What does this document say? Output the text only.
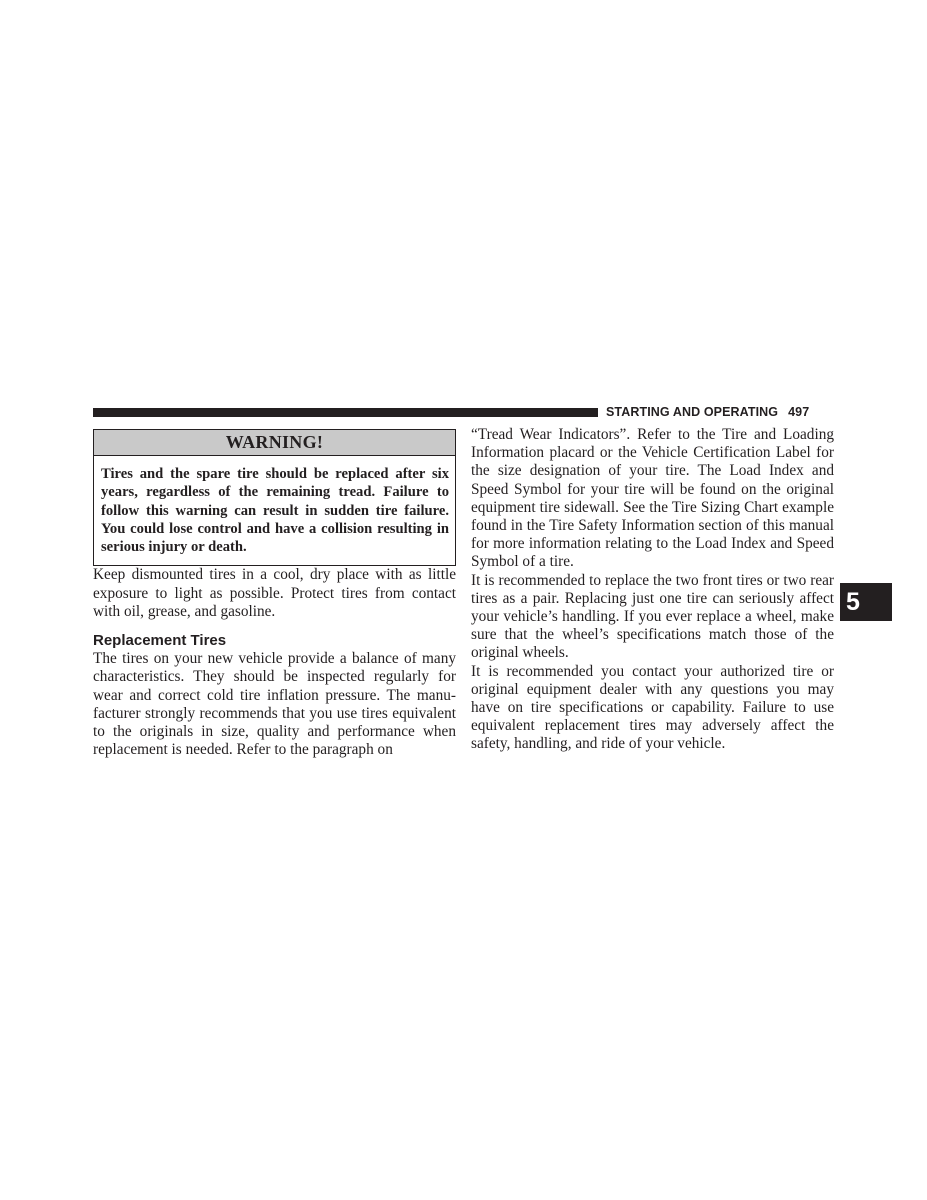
STARTING AND OPERATING 497
5
WARNING!
Tires and the spare tire should be replaced after six years, regardless of the remaining tread. Failure to follow this warning can result in sudden tire failure. You could lose control and have a collision resulting in serious injury or death.

Keep dismounted tires in a cool, dry place with as little exposure to light as possible. Protect tires from contact with oil, grease, and gasoline.

Replacement Tires

The tires on your new vehicle provide a balance of many characteristics. They should be inspected regularly for wear and correct cold tire inflation pressure. The manufacturer strongly recommends that you use tires equivalent to the originals in size, quality and performance when replacement is needed. Refer to the paragraph on

“Tread Wear Indicators”. Refer to the Tire and Loading Information placard or the Vehicle Certification Label for the size designation of your tire. The Load Index and Speed Symbol for your tire will be found on the original equipment tire sidewall. See the Tire Sizing Chart example found in the Tire Safety Information section of this manual for more information relating to the Load Index and Speed Symbol of a tire.

It is recommended to replace the two front tires or two rear tires as a pair. Replacing just one tire can seriously affect your vehicle’s handling. If you ever replace a wheel, make sure that the wheel’s specifications match those of the original wheels.

It is recommended you contact your authorized tire or original equipment dealer with any questions you may have on tire specifications or capability. Failure to use equivalent replacement tires may adversely affect the safety, handling, and ride of your vehicle.
